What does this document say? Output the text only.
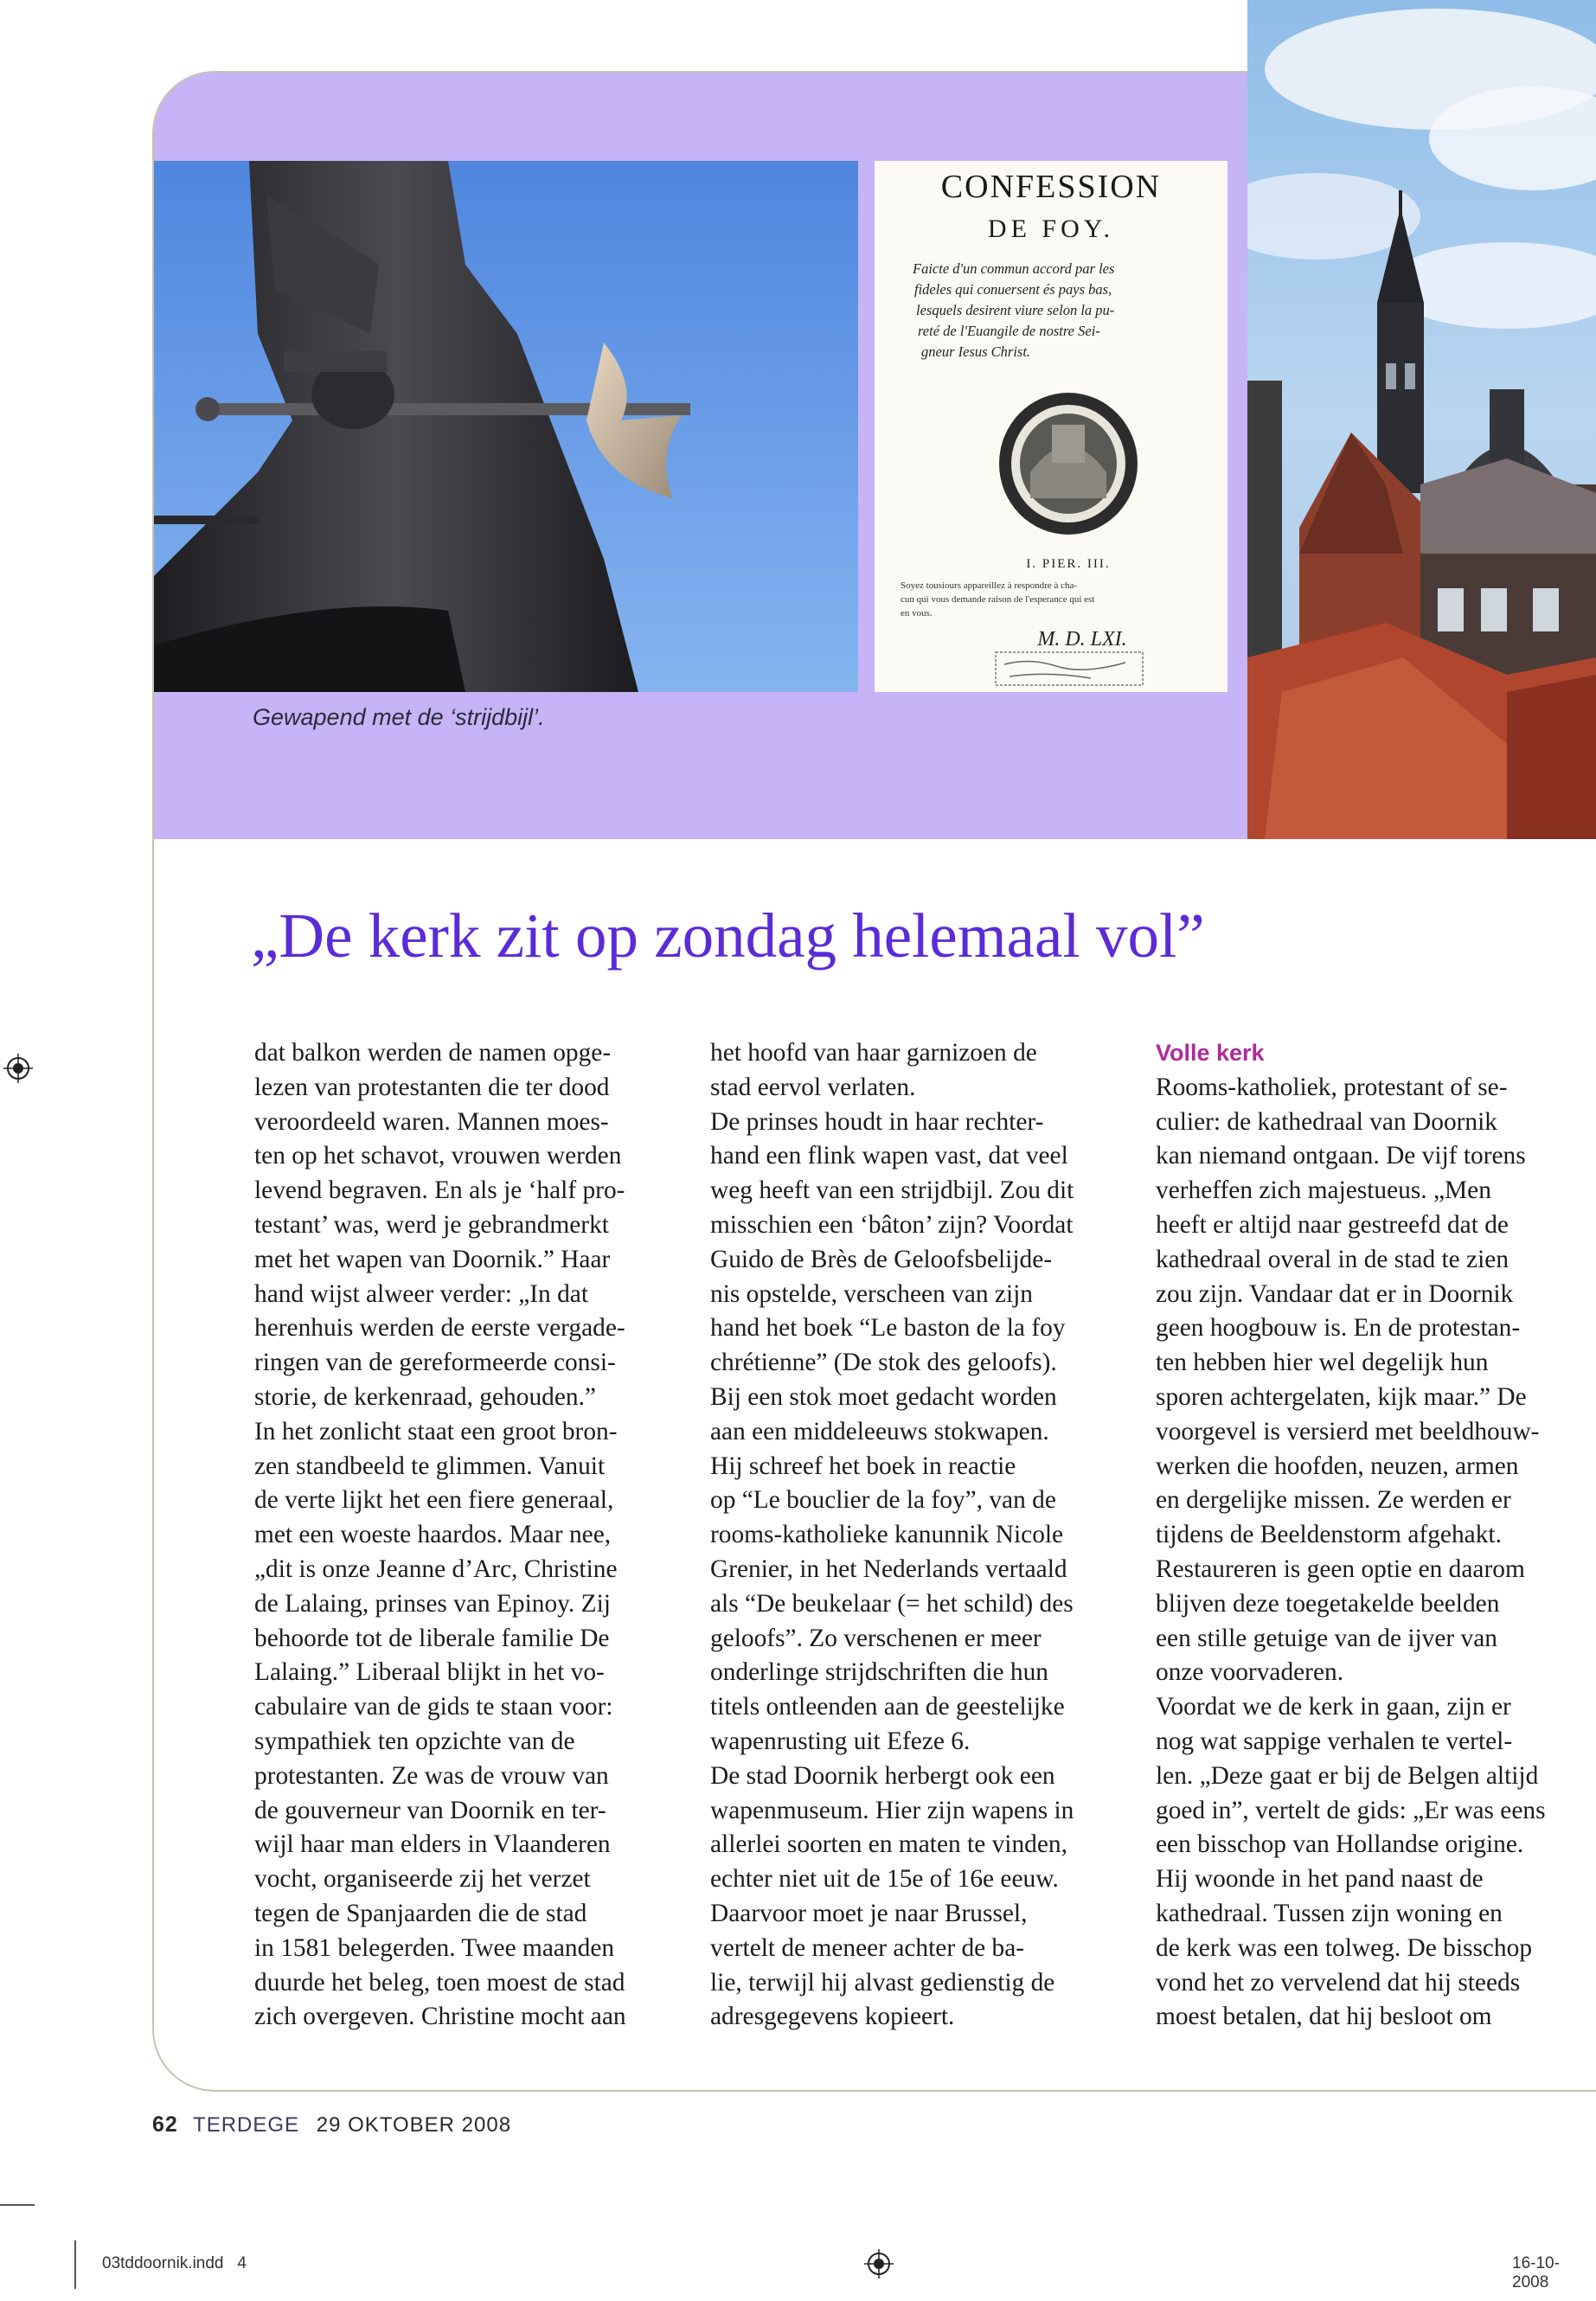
CONFESSION
DE FOY.
Faicte d'un commun accord par les
fideles qui conuersent és pays bas,
lesquels desirent viure selon la pu-
reté de l'Euangile de nostre Sei-
gneur Iesus Christ.
I. PIER. III.
Soyez tousiours appareillez à respondre à cha-
cun qui vous demande raison de l'esperance qui est
en vous.
M. D. LXI.
Gewapend met de ‘strijdbijl’.
„De kerk zit op zondag helemaal vol”

dat balkon werden de namen opge-

lezen van protestanten die ter dood

veroordeeld waren. Mannen moes-

ten op het schavot, vrouwen werden

levend begraven. En als je ‘half pro-

testant’ was, werd je gebrandmerkt

met het wapen van Doornik.” Haar

hand wijst alweer verder: „In dat

herenhuis werden de eerste vergade-

ringen van de gereformeerde consi-

storie, de kerkenraad, gehouden.”

In het zonlicht staat een groot bron-

zen standbeeld te glimmen. Vanuit

de verte lijkt het een fiere generaal,

met een woeste haardos. Maar nee,

„dit is onze Jeanne d’Arc, Christine

de Lalaing, prinses van Epinoy. Zij

behoorde tot de liberale familie De

Lalaing.” Liberaal blijkt in het vo-

cabulaire van de gids te staan voor:

sympathiek ten opzichte van de

protestanten. Ze was de vrouw van

de gouverneur van Doornik en ter-

wijl haar man elders in Vlaanderen

vocht, organiseerde zij het verzet

tegen de Spanjaarden die de stad

in 1581 belegerden. Twee maanden

duurde het beleg, toen moest de stad

zich overgeven. Christine mocht aan

het hoofd van haar garnizoen de

stad eervol verlaten.

De prinses houdt in haar rechter-

hand een flink wapen vast, dat veel

weg heeft van een strijdbijl. Zou dit

misschien een ‘bâton’ zijn? Voordat

Guido de Brès de Geloofsbelijde-

nis opstelde, verscheen van zijn

hand het boek “Le baston de la foy

chrétienne” (De stok des geloofs).

Bij een stok moet gedacht worden

aan een middeleeuws stokwapen.

Hij schreef het boek in reactie

op “Le bouclier de la foy”, van de

rooms-katholieke kanunnik Nicole

Grenier, in het Nederlands vertaald

als “De beukelaar (= het schild) des

geloofs”. Zo verschenen er meer

onderlinge strijdschriften die hun

titels ontleenden aan de geestelijke

wapenrusting uit Efeze 6.

De stad Doornik herbergt ook een

wapenmuseum. Hier zijn wapens in

allerlei soorten en maten te vinden,

echter niet uit de 15e of 16e eeuw.

Daarvoor moet je naar Brussel,

vertelt de meneer achter de ba-

lie, terwijl hij alvast gedienstig de

adresgegevens kopieert.

Volle kerk

Rooms-katholiek, protestant of se-

culier: de kathedraal van Doornik

kan niemand ontgaan. De vijf torens

verheffen zich majestueus. „Men

heeft er altijd naar gestreefd dat de

kathedraal overal in de stad te zien

zou zijn. Vandaar dat er in Doornik

geen hoogbouw is. En de protestan-

ten hebben hier wel degelijk hun

sporen achtergelaten, kijk maar.” De

voorgevel is versierd met beeldhouw-

werken die hoofden, neuzen, armen

en dergelijke missen. Ze werden er

tijdens de Beeldenstorm afgehakt.

Restaureren is geen optie en daarom

blijven deze toegetakelde beelden

een stille getuige van de ijver van

onze voorvaderen.

Voordat we de kerk in gaan, zijn er

nog wat sappige verhalen te vertel-

len. „Deze gaat er bij de Belgen altijd

goed in”, vertelt de gids: „Er was eens

een bisschop van Hollandse origine.

Hij woonde in het pand naast de

kathedraal. Tussen zijn woning en

de kerk was een tolweg. De bisschop

vond het zo vervelend dat hij steeds

moest betalen, dat hij besloot om

62 TERDEGE 29 OKTOBER 2008
03tddoornik.indd   4	16-10-2008
